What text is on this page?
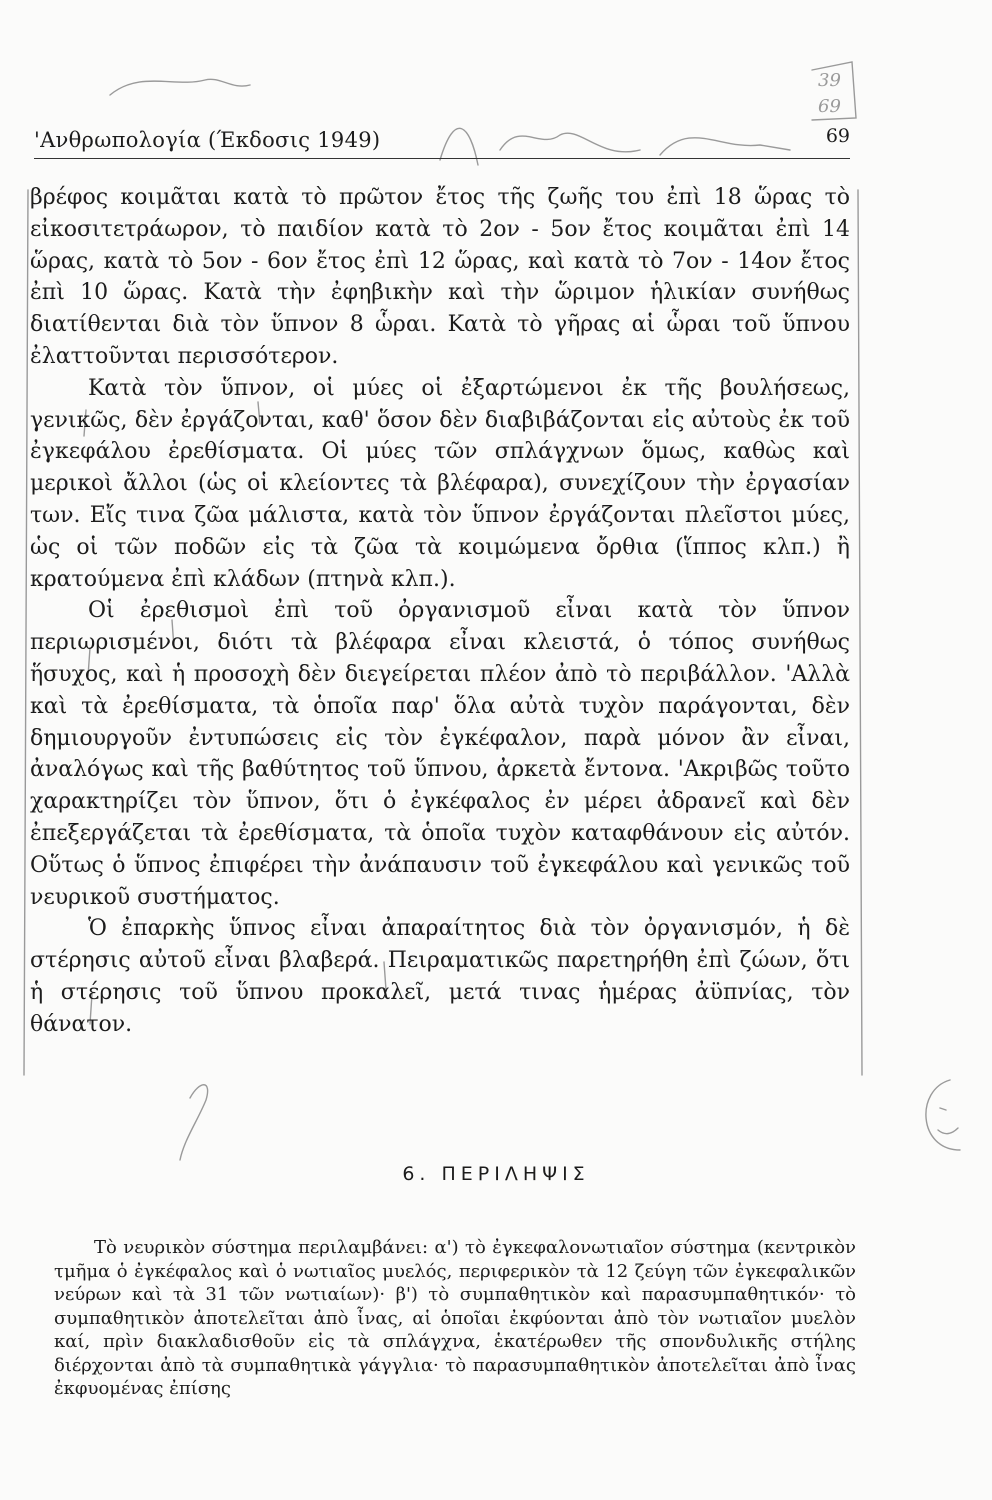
39
69
'Ανθρωπολογία (Έκδοσις 1949)	69

βρέφος κοιμᾶται κατὰ τὸ πρῶτον ἔτος τῆς ζωῆς του ἐπὶ 18 ὥρας τὸ εἰκοσιτετράωρον, τὸ παιδίον κατὰ τὸ 2ον - 5ον ἔτος κοιμᾶται ἐπὶ 14 ὥρας, κατὰ τὸ 5ον - 6ον ἔτος ἐπὶ 12 ὥρας, καὶ κατὰ τὸ 7ον - 14ον ἔτος ἐπὶ 10 ὥρας. Κατὰ τὴν ἐφηβικὴν καὶ τὴν ὥριμον ἡλικίαν συνήθως διατίθενται διὰ τὸν ὕπνον 8 ὧραι. Κατὰ τὸ γῆρας αἱ ὧραι τοῦ ὕπνου ἐλαττοῦνται περισσότερον.

Κατὰ τὸν ὕπνον, οἱ μύες οἱ ἐξαρτώμενοι ἐκ τῆς βουλήσεως, γενικῶς, δὲν ἐργάζονται, καθ' ὅσον δὲν διαβιβάζονται εἰς αὐτοὺς ἐκ τοῦ ἐγκεφάλου ἐρεθίσματα. Οἱ μύες τῶν σπλάγχνων ὅμως, καθὼς καὶ μερικοὶ ἄλλοι (ὡς οἱ κλείοντες τὰ βλέφαρα), συνεχίζουν τὴν ἐργασίαν των. Εἴς τινα ζῶα μάλιστα, κατὰ τὸν ὕπνον ἐργάζονται πλεῖστοι μύες, ὡς οἱ τῶν ποδῶν εἰς τὰ ζῶα τὰ κοιμώμενα ὄρθια (ἵππος κλπ.) ἢ κρατούμενα ἐπὶ κλάδων (πτηνὰ κλπ.).

Οἱ ἐρεθισμοὶ ἐπὶ τοῦ ὀργανισμοῦ εἶναι κατὰ τὸν ὕπνον περιωρισμένοι, διότι τὰ βλέφαρα εἶναι κλειστά, ὁ τόπος συνήθως ἥσυχος, καὶ ἡ προσοχὴ δὲν διεγείρεται πλέον ἀπὸ τὸ περιβάλλον. 'Αλλὰ καὶ τὰ ἐρεθίσματα, τὰ ὁποῖα παρ' ὅλα αὐτὰ τυχὸν παράγονται, δὲν δημιουργοῦν ἐντυπώσεις εἰς τὸν ἐγκέφαλον, παρὰ μόνον ἂν εἶναι, ἀναλόγως καὶ τῆς βαθύτητος τοῦ ὕπνου, ἀρκετὰ ἔντονα. 'Ακριβῶς τοῦτο χαρακτηρίζει τὸν ὕπνον, ὅτι ὁ ἐγκέφαλος ἐν μέρει ἀδρανεῖ καὶ δὲν ἐπεξεργάζεται τὰ ἐρεθίσματα, τὰ ὁποῖα τυχὸν καταφθάνουν εἰς αὐτόν. Οὕτως ὁ ὕπνος ἐπιφέρει τὴν ἀνάπαυσιν τοῦ ἐγκεφάλου καὶ γενικῶς τοῦ νευρικοῦ συστήματος.

Ὁ ἐπαρκὴς ὕπνος εἶναι ἀπαραίτητος διὰ τὸν ὀργανισμόν, ἡ δὲ στέρησις αὐτοῦ εἶναι βλαβερά. Πειραματικῶς παρετηρήθη ἐπὶ ζώων, ὅτι ἡ στέρησις τοῦ ὕπνου προκαλεῖ, μετά τινας ἡμέρας ἀϋπνίας, τὸν θάνατον.

6. ΠΕΡΙΛΗΨΙΣ

Τὸ νευρικὸν σύστημα περιλαμβάνει: α') τὸ ἐγκεφαλονωτιαῖον σύστημα (κεντρικὸν τμῆμα ὁ ἐγκέφαλος καὶ ὁ νωτιαῖος μυελός, περιφερικὸν τὰ 12 ζεύγη τῶν ἐγκεφαλικῶν νεύρων καὶ τὰ 31 τῶν νωτιαίων)· β') τὸ συμπαθητικὸν καὶ παρασυμπαθητικόν· τὸ συμπαθητικὸν ἀποτελεῖται ἀπὸ ἶνας, αἱ ὁποῖαι ἐκφύονται ἀπὸ τὸν νωτιαῖον μυελὸν καί, πρὶν διακλαδισθοῦν εἰς τὰ σπλάγχνα, ἑκατέρωθεν τῆς σπονδυλικῆς στήλης διέρχονται ἀπὸ τὰ συμπαθητικὰ γάγγλια· τὸ παρασυμπαθητικὸν ἀποτελεῖται ἀπὸ ἶνας ἐκφυομένας ἐπίσης
